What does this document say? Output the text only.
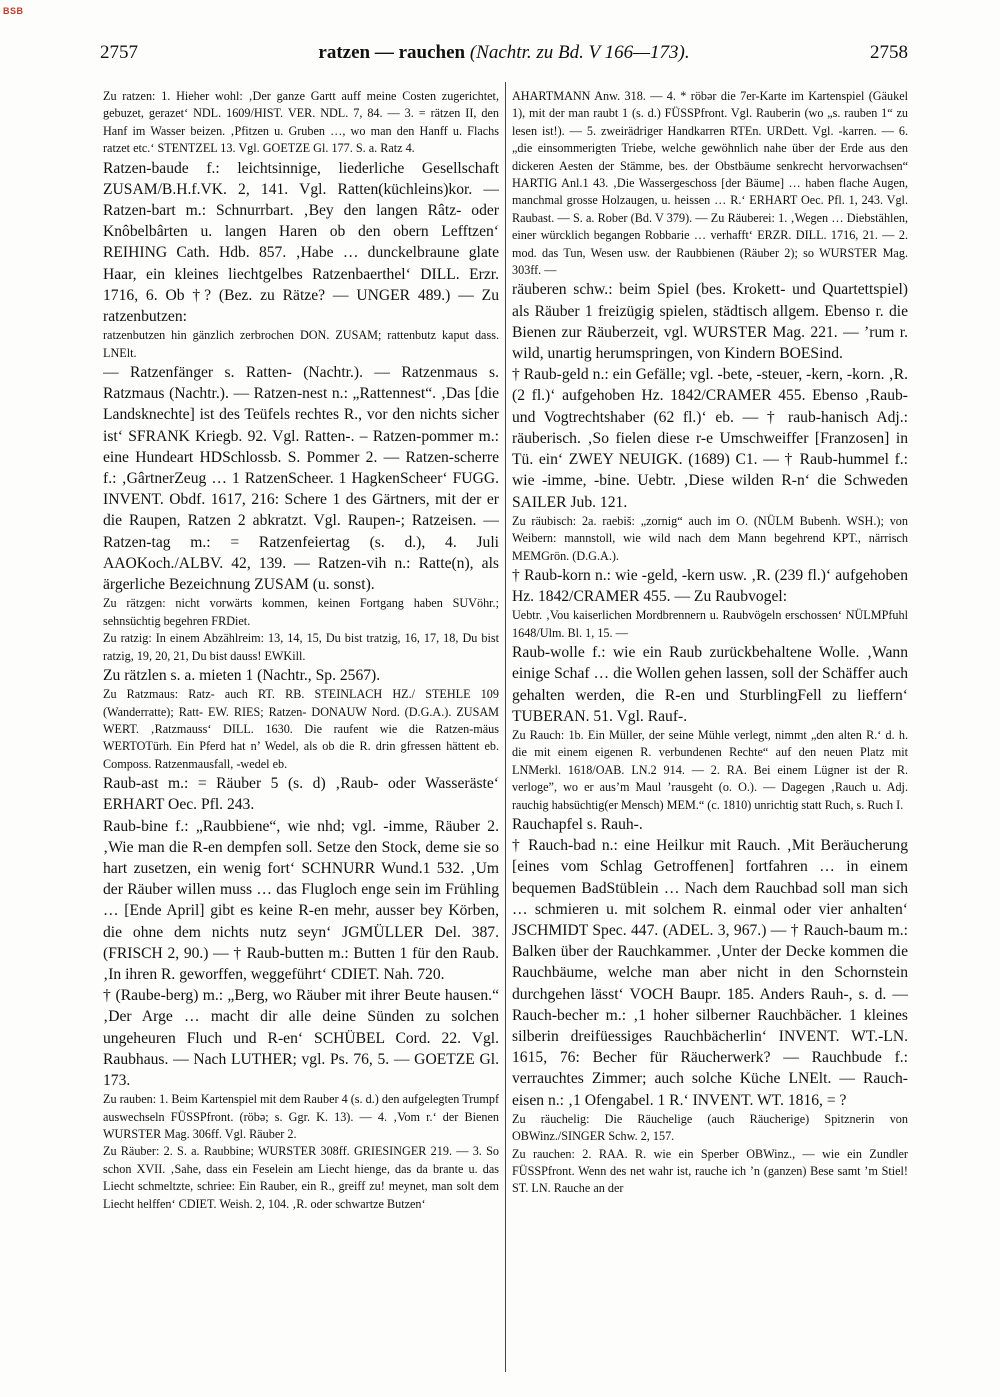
BSB
2757	ratzen — rauchen (Nachtr. zu Bd. V 166—173).	2758

Zu ratzen: 1. Hieher wohl: ‚Der ganze Gartt auff meine Costen zugerichtet, gebuzet, gerazet‘ NDL. 1609/HIST. VER. NDL. 7, 84. — 3. = rätzen II, den Hanf im Wasser beizen. ‚Pfitzen u. Gruben …, wo man den Hanff u. Flachs ratzet etc.‘ STENTZEL 13. Vgl. GOETZE Gl. 177. S. a. Ratz 4.

Ratzen-baude f.: leichtsinnige, liederliche Gesellschaft ZUSAM/B.H.f.VK. 2, 141. Vgl. Ratten(küchleins)kor. — Ratzen-bart m.: Schnurrbart. ‚Bey den langen Râtz- oder Knôbelbârten u. langen Haren ob den obern Lefftzen‘ REIHING Cath. Hdb. 857. ‚Habe … dunckelbraune glate Haar, ein kleines liechtgelbes Ratzenbaerthel‘ DILL. Erzr. 1716, 6. Ob †? (Bez. zu Rätze? — UNGER 489.) — Zu ratzenbutzen:

ratzenbutzen hin gänzlich zerbrochen DON. ZUSAM; rattenbutz kaput dass. LNElt.

— Ratzenfänger s. Ratten- (Nachtr.). — Ratzenmaus s. Ratzmaus (Nachtr.). — Ratzen-nest n.: „Rattennest“. ‚Das [die Landsknechte] ist des Teüfels rechtes R., vor den nichts sicher ist‘ SFRANK Kriegb. 92. Vgl. Ratten-. – Ratzen-pommer m.: eine Hundeart HDSchlossb. S. Pommer 2. — Ratzen-scherre f.: ‚GârtnerZeug … 1 RatzenScheer. 1 HagkenScheer‘ FUGG. INVENT. Obdf. 1617, 216: Schere 1 des Gärtners, mit der er die Raupen, Ratzen 2 abkratzt. Vgl. Raupen-; Ratzeisen. — Ratzen-tag m.: = Ratzenfeiertag (s. d.), 4. Juli AAOKoch./ALBV. 42, 139. — Ratzen-vih n.: Ratte(n), als ärgerliche Bezeichnung ZUSAM (u. sonst).

Zu rätzgen: nicht vorwärts kommen, keinen Fortgang haben SUVöhr.; sehnsüchtig begehren FRDiet.

Zu ratzig: In einem Abzählreim: 13, 14, 15, Du bist tratzig, 16, 17, 18, Du bist ratzig, 19, 20, 21, Du bist dauss! EWKill.

Zu rätzlen s. a. mieten 1 (Nachtr., Sp. 2567).

Zu Ratzmaus: Ratz- auch RT. RB. STEINLACH HZ./ STEHLE 109 (Wanderratte); Ratt- EW. RIES; Ratzen- DONAUW Nord. (D.G.A.). ZUSAM WERT. ‚Ratzmauss‘ DILL. 1630. Die raufent wie die Ratzen-mäus WERTOTürh. Ein Pferd hat n’ Wedel, als ob die R. drin gfressen hättent eb. Composs. Ratzenmausfall, -wedel eb.

Raub-ast m.: = Räuber 5 (s. d) ‚Raub- oder Wasseräste‘ ERHART Oec. Pfl. 243.

Raub-bine f.: „Raubbiene“, wie nhd; vgl. -imme, Räuber 2. ‚Wie man die R-en dempfen soll. Setze den Stock, deme sie so hart zusetzen, ein wenig fort‘ SCHNURR Wund.1 532. ‚Um der Räuber willen muss … das Flugloch enge sein im Frühling … [Ende April] gibt es keine R-en mehr, ausser bey Körben, die ohne dem nichts nutz seyn‘ JGMÜLLER Del. 387. (FRISCH 2, 90.) — † Raub-butten m.: Butten 1 für den Raub. ‚In ihren R. geworffen, weggeführt‘ CDIET. Nah. 720.

† (Raube-berg) m.: „Berg, wo Räuber mit ihrer Beute hausen.“ ‚Der Arge … macht dir alle deine Sünden zu solchen ungeheuren Fluch und R-en‘ SCHÜBEL Cord. 22. Vgl. Raubhaus. — Nach LUTHER; vgl. Ps. 76, 5. — GOETZE Gl. 173.

Zu rauben: 1. Beim Kartenspiel mit dem Rauber 4 (s. d.) den aufgelegten Trumpf auswechseln FÜSSPfront. (röbə; s. Ggr. K. 13). — 4. ‚Vom r.‘ der Bienen WURSTER Mag. 306ff. Vgl. Räuber 2.

Zu Räuber: 2. S. a. Raubbine; WURSTER 308ff. GRIESINGER 219. — 3. So schon XVII. ‚Sahe, dass ein Feselein am Liecht hienge, das da brante u. das Liecht schmeltzte, schriee: Ein Rauber, ein R., greiff zu! meynet, man solt dem Liecht helffen‘ CDIET. Weish. 2, 104. ‚R. oder schwartze Butzen‘

AHARTMANN Anw. 318. — 4. * röbər die 7er-Karte im Kartenspiel (Gäukel 1), mit der man raubt 1 (s. d.) FÜSSPfront. Vgl. Rauberin (wo „s. rauben 1“ zu lesen ist!). — 5. zweirädriger Handkarren RTEn. URDett. Vgl. -karren. — 6. „die einsommerigten Triebe, welche gewöhnlich nahe über der Erde aus den dickeren Aesten der Stämme, bes. der Obstbäume senkrecht hervorwachsen“ HARTIG Anl.1 43. ‚Die Wassergeschoss [der Bäume] … haben flache Augen, manchmal grosse Holzaugen, u. heissen … R.‘ ERHART Oec. Pfl. 1, 243. Vgl. Raubast. — S. a. Rober (Bd. V 379). — Zu Räuberei: 1. ‚Wegen … Diebstählen, einer würcklich begangen Robbarie … verhafft‘ ERZR. DILL. 1716, 21. — 2. mod. das Tun, Wesen usw. der Raubbienen (Räuber 2); so WURSTER Mag. 303ff. —

räuberen schw.: beim Spiel (bes. Krokett- und Quartettspiel) als Räuber 1 freizügig spielen, städtisch allgem. Ebenso r. die Bienen zur Räuberzeit, vgl. WURSTER Mag. 221. — ’rum r. wild, unartig herumspringen, von Kindern BOESind.

† Raub-geld n.: ein Gefälle; vgl. -bete, -steuer, -kern, -korn. ‚R. (2 fl.)‘ aufgehoben Hz. 1842/CRAMER 455. Ebenso ‚Raub- und Vogtrechtshaber (62 fl.)‘ eb. — † raub-hanisch Adj.: räuberisch. ‚So fielen diese r-e Umschweiffer [Franzosen] in Tü. ein‘ ZWEY NEUIGK. (1689) C1. — † Raub-hummel f.: wie -imme, -bine. Uebtr. ‚Diese wilden R-n‘ die Schweden SAILER Jub. 121.

Zu räubisch: 2a. raebiš: „zornig“ auch im O. (NÜLM Bubenh. WSH.); von Weibern: mannstoll, wie wild nach dem Mann begehrend KPT., närrisch MEMGrön. (D.G.A.).

† Raub-korn n.: wie -geld, -kern usw. ‚R. (239 fl.)‘ aufgehoben Hz. 1842/CRAMER 455. — Zu Raubvogel:

Uebtr. ‚Vou kaiserlichen Mordbrennern u. Raubvögeln erschossen‘ NÜLMPfuhl 1648/Ulm. Bl. 1, 15. —

Raub-wolle f.: wie ein Raub zurückbehaltene Wolle. ‚Wann einige Schaf … die Wollen gehen lassen, soll der Schäffer auch gehalten werden, die R-en und SturblingFell zu lieffern‘ TUBERAN. 51. Vgl. Rauf-.

Zu Rauch: 1b. Ein Müller, der seine Mühle verlegt, nimmt „den alten R.‘ d. h. die mit einem eigenen R. verbundenen Rechte“ auf den neuen Platz mit LNMerkl. 1618/OAB. LN.2 914. — 2. RA. Bei einem Lügner ist der R. verloge”, wo er aus’m Maul ’rausgeht (o. O.). — Dagegen ‚Rauch u. Adj. rauchig habsüchtig(er Mensch) MEM.“ (c. 1810) unrichtig statt Ruch, s. Ruch I.

Rauchapfel s. Rauh-.

† Rauch-bad n.: eine Heilkur mit Rauch. ‚Mit Beräucherung [eines vom Schlag Getroffenen] fortfahren … in einem bequemen BadStüblein … Nach dem Rauchbad soll man sich … schmieren u. mit solchem R. einmal oder vier anhalten‘ JSCHMIDT Spec. 447. (ADEL. 3, 967.) — † Rauch-baum m.: Balken über der Rauchkammer. ‚Unter der Decke kommen die Rauchbäume, welche man aber nicht in den Schornstein durchgehen lässt‘ VOCH Baupr. 185. Anders Rauh-, s. d. — Rauch-becher m.: ‚1 hoher silberner Rauchbächer. 1 kleines silberin dreifüessiges Rauchbächerlin‘ INVENT. WT.-LN. 1615, 76: Becher für Räucherwerk? — Rauchbude f.: verrauchtes Zimmer; auch solche Küche LNElt. — Rauch-eisen n.: ‚1 Ofengabel. 1 R.‘ INVENT. WT. 1816, = ?

Zu räuchelig: Die Räuchelige (auch Räucherige) Spitznerin von OBWinz./SINGER Schw. 2, 157.

Zu rauchen: 2. RAA. R. wie ein Sperber OBWinz., — wie ein Zundler FÜSSPfront. Wenn des net wahr ist, rauche ich ’n (ganzen) Bese samt ’m Stiel! ST. LN. Rauche an der
